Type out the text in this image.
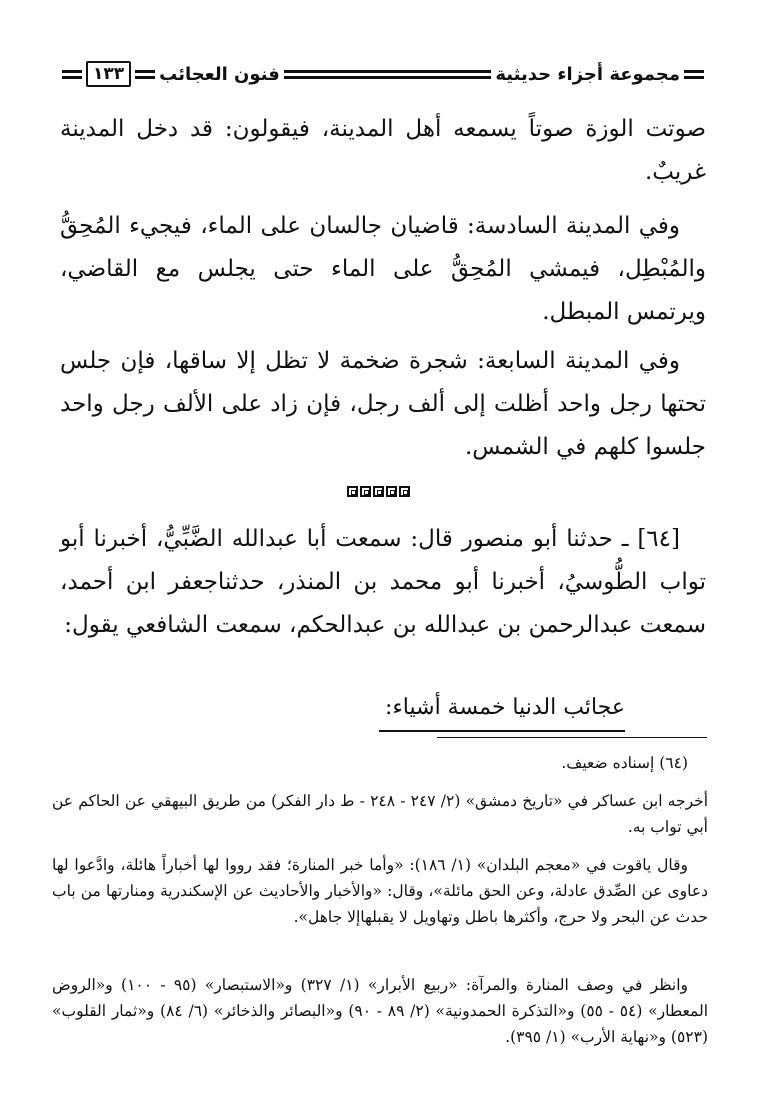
مجموعة أجزاء حديثية
فنون العجائب
١٣٣

صوتت الوزة صوتاً يسمعه أهل المدينة، فيقولون: قد دخل المدينة غريبٌ.

وفي المدينة السادسة: قاضيان جالسان على الماء، فيجيء المُحِقُّ والمُبْطِل، فيمشي المُحِقُّ على الماء حتى يجلس مع القاضي، ويرتمس المبطل.

وفي المدينة السابعة: شجرة ضخمة لا تظل إلا ساقها، فإن جلس تحتها رجل واحد أظلت إلى ألف رجل، فإن زاد على الألف رجل واحد جلسوا كلهم في الشمس.

[٦٤] ـ حدثنا أبو منصور قال: سمعت أبا عبدالله الضَّبِّيُّ، أخبرنا أبو تواب الطُّوسيُ، أخبرنا أبو محمد بن المنذر، حدثناجعفر ابن أحمد، سمعت عبدالرحمن بن عبدالله بن عبدالحكم، سمعت الشافعي يقول:

عجائب الدنيا خمسة أشياء:

(٦٤) إسناده ضعيف.

أخرجه ابن عساكر في «تاريخ دمشق» (٢/ ٢٤٧ - ٢٤٨ - ط دار الفكر) من طريق البيهقي عن الحاكم عن أبي تواب به.

وقال ياقوت في «معجم البلدان» (١/ ١٨٦): «وأما خبر المنارة؛ فقد رووا لها أخباراً هائلة، وادَّعوا لها دعاوى عن الصِّدق عادلة، وعن الحق مائلة»، وقال: «والأخبار والأحاديث عن الإسكندرية ومنارتها من باب حدث عن البحر ولا حرج، وأكثرها باطل وتهاويل لا يقبلهاإلا جاهل».

وانظر في وصف المنارة والمرآة: «ربيع الأبرار» (١/ ٣٢٧) و«الاستبصار» (٩٥ - ١٠٠) و«الروض المعطار» (٥٤ - ٥٥) و«التذكرة الحمدونية» (٢/ ٨٩ - ٩٠) و«البصائر والذخائر» (٦/ ٨٤) و«ثمار القلوب» (٥٢٣) و«نهاية الأرب» (١/ ٣٩٥).
